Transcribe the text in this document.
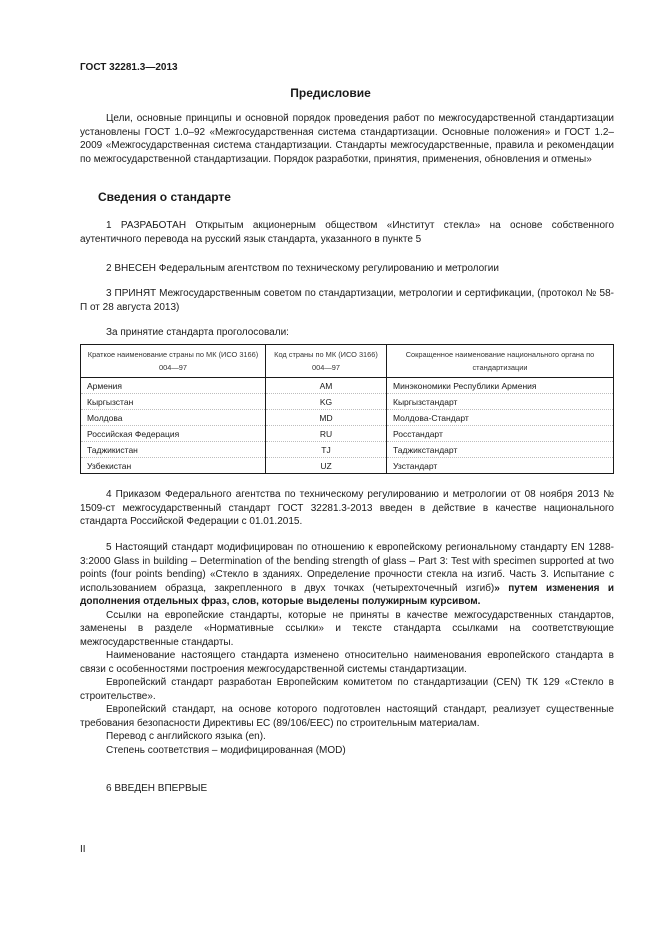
ГОСТ 32281.3—2013
Предисловие

Цели, основные принципы и основной порядок проведения работ по межгосударственной стандартизации установлены ГОСТ 1.0–92 «Межгосударственная система стандартизации. Основные положения» и ГОСТ 1.2–2009 «Межгосударственная система стандартизации. Стандарты межгосударственные, правила и рекомендации по межгосударственной стандартизации. Порядок разработки, принятия, применения, обновления и отмены»

Сведения о стандарте

1 РАЗРАБОТАН Открытым акционерным обществом «Институт стекла» на основе собственного аутентичного перевода на русский язык стандарта, указанного в пункте 5

2 ВНЕСЕН Федеральным агентством по техническому регулированию и метрологии

3 ПРИНЯТ Межгосударственным советом по стандартизации, метрологии и сертификации, (протокол № 58-П от 28 августа 2013)

За принятие стандарта проголосовали:

Краткое наименование страны по МК (ИСО 3166) 004—97	Код страны по МК (ИСО 3166) 004—97	Сокращенное наименование национального органа по стандартизации
Армения	AM	Минэкономики Республики Армения
Кыргызстан	KG	Кыргызстандарт
Молдова	MD	Молдова-Стандарт
Российская Федерация	RU	Росстандарт
Таджикистан	TJ	Таджикстандарт
Узбекистан	UZ	Узстандарт

4 Приказом Федерального агентства по техническому регулированию и метрологии от 08 ноября 2013 № 1509-ст межгосударственный стандарт ГОСТ 32281.3-2013 введен в действие в качестве национального стандарта Российской Федерации с 01.01.2015.

5 Настоящий стандарт модифицирован по отношению к европейскому региональному стандарту EN 1288-3:2000 Glass in building – Determination of the bending strength of glass – Part 3: Test with specimen supported at two points (four points bending) «Стекло в зданиях. Определение прочности стекла на изгиб. Часть 3. Испытание с использованием образца, закрепленного в двух точках (четырехточечный изгиб)» путем изменения и дополнения отдельных фраз, слов, которые выделены полужирным курсивом.

Ссылки на европейские стандарты, которые не приняты в качестве межгосударственных стандартов, заменены в разделе «Нормативные ссылки» и тексте стандарта ссылками на соответствующие межгосударственные стандарты.

Наименование настоящего стандарта изменено относительно наименования европейского стандарта в связи с особенностями построения межгосударственной системы стандартизации.

Европейский стандарт разработан Европейским комитетом по стандартизации (CEN) ТК 129 «Стекло в строительстве».

Европейский стандарт, на основе которого подготовлен настоящий стандарт, реализует существенные требования безопасности Директивы ЕС (89/106/EEC) по строительным материалам.

Перевод с английского языка (en).

Степень соответствия – модифицированная (MOD)

6 ВВЕДЕН ВПЕРВЫЕ

II
